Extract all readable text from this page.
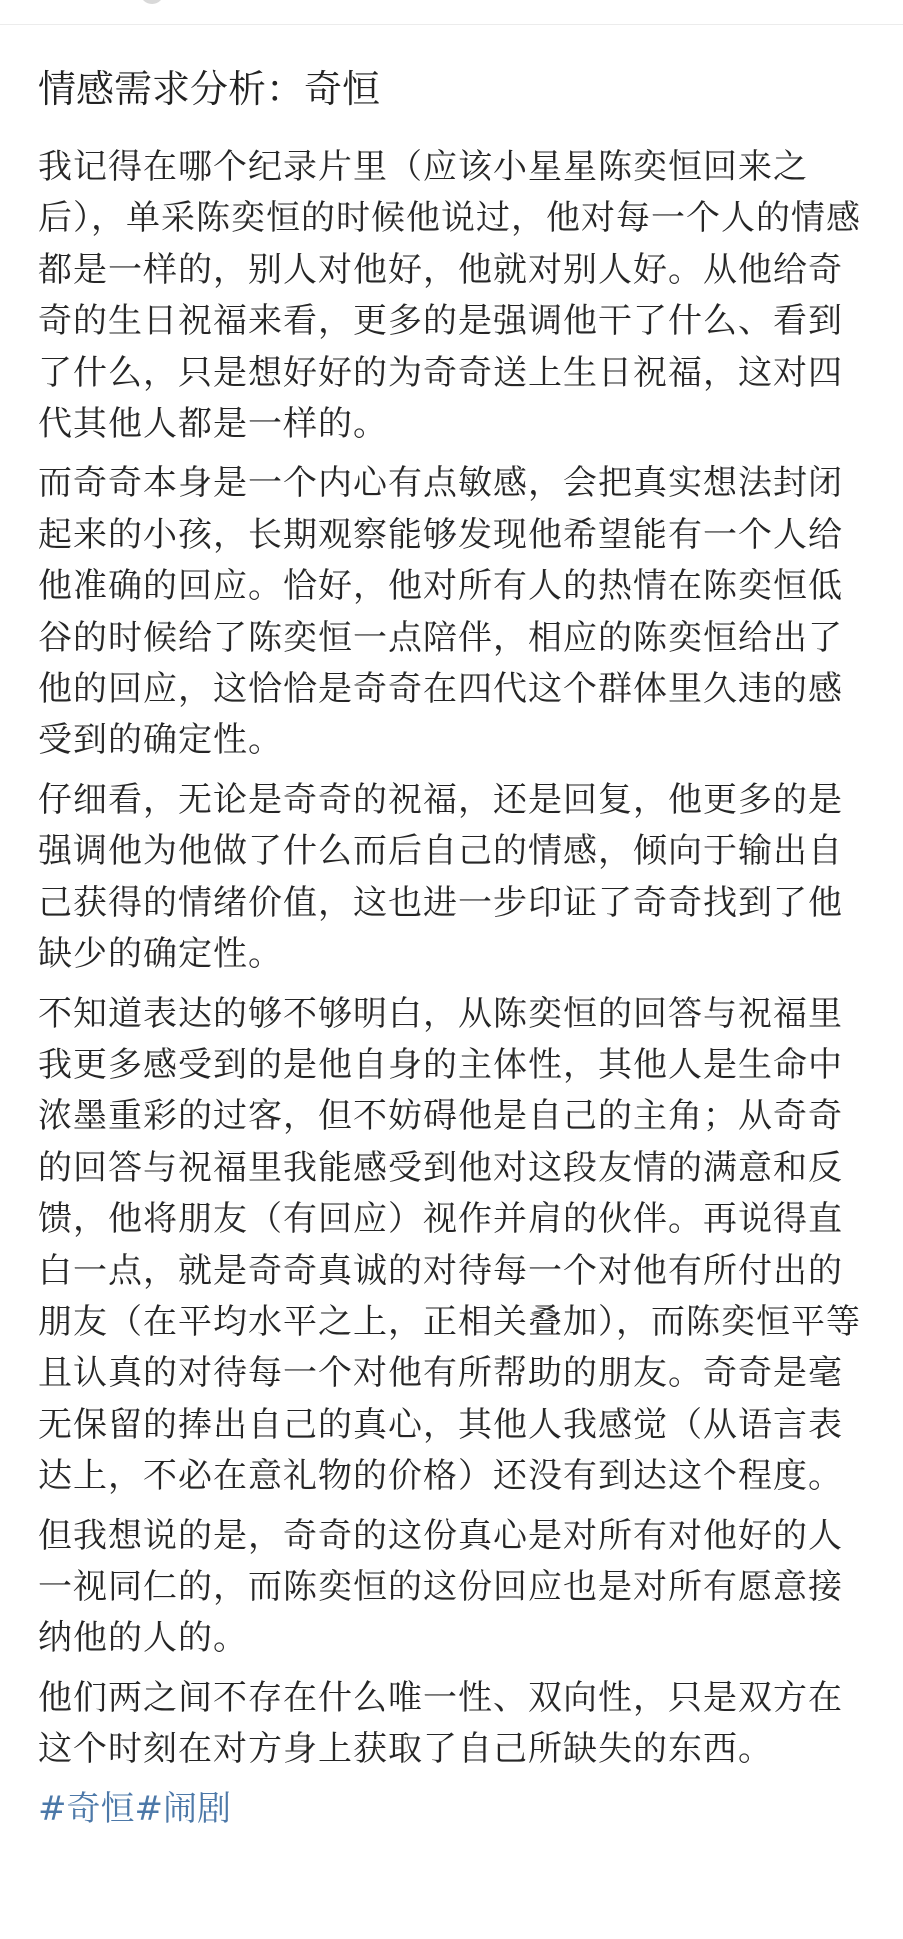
情感需求分析：奇恒

我记得在哪个纪录片里（应该小星星陈奕恒回来之后），单采陈奕恒的时候他说过，他对每一个人的情感都是一样的，别人对他好，他就对别人好。从他给奇奇的生日祝福来看，更多的是强调他干了什么、看到了什么，只是想好好的为奇奇送上生日祝福，这对四代其他人都是一样的。

而奇奇本身是一个内心有点敏感，会把真实想法封闭起来的小孩，长期观察能够发现他希望能有一个人给他准确的回应。恰好，他对所有人的热情在陈奕恒低谷的时候给了陈奕恒一点陪伴，相应的陈奕恒给出了他的回应，这恰恰是奇奇在四代这个群体里久违的感受到的确定性。

仔细看，无论是奇奇的祝福，还是回复，他更多的是强调他为他做了什么而后自己的情感，倾向于输出自己获得的情绪价值，这也进一步印证了奇奇找到了他缺少的确定性。

不知道表达的够不够明白，从陈奕恒的回答与祝福里我更多感受到的是他自身的主体性，其他人是生命中浓墨重彩的过客，但不妨碍他是自己的主角；从奇奇的回答与祝福里我能感受到他对这段友情的满意和反馈，他将朋友（有回应）视作并肩的伙伴。再说得直白一点，就是奇奇真诚的对待每一个对他有所付出的朋友（在平均水平之上，正相关叠加），而陈奕恒平等且认真的对待每一个对他有所帮助的朋友。奇奇是毫无保留的捧出自己的真心，其他人我感觉（从语言表达上，不必在意礼物的价格）还没有到达这个程度。

但我想说的是，奇奇的这份真心是对所有对他好的人一视同仁的，而陈奕恒的这份回应也是对所有愿意接纳他的人的。

他们两之间不存在什么唯一性、双向性，只是双方在这个时刻在对方身上获取了自己所缺失的东西。

#奇恒#闹剧
